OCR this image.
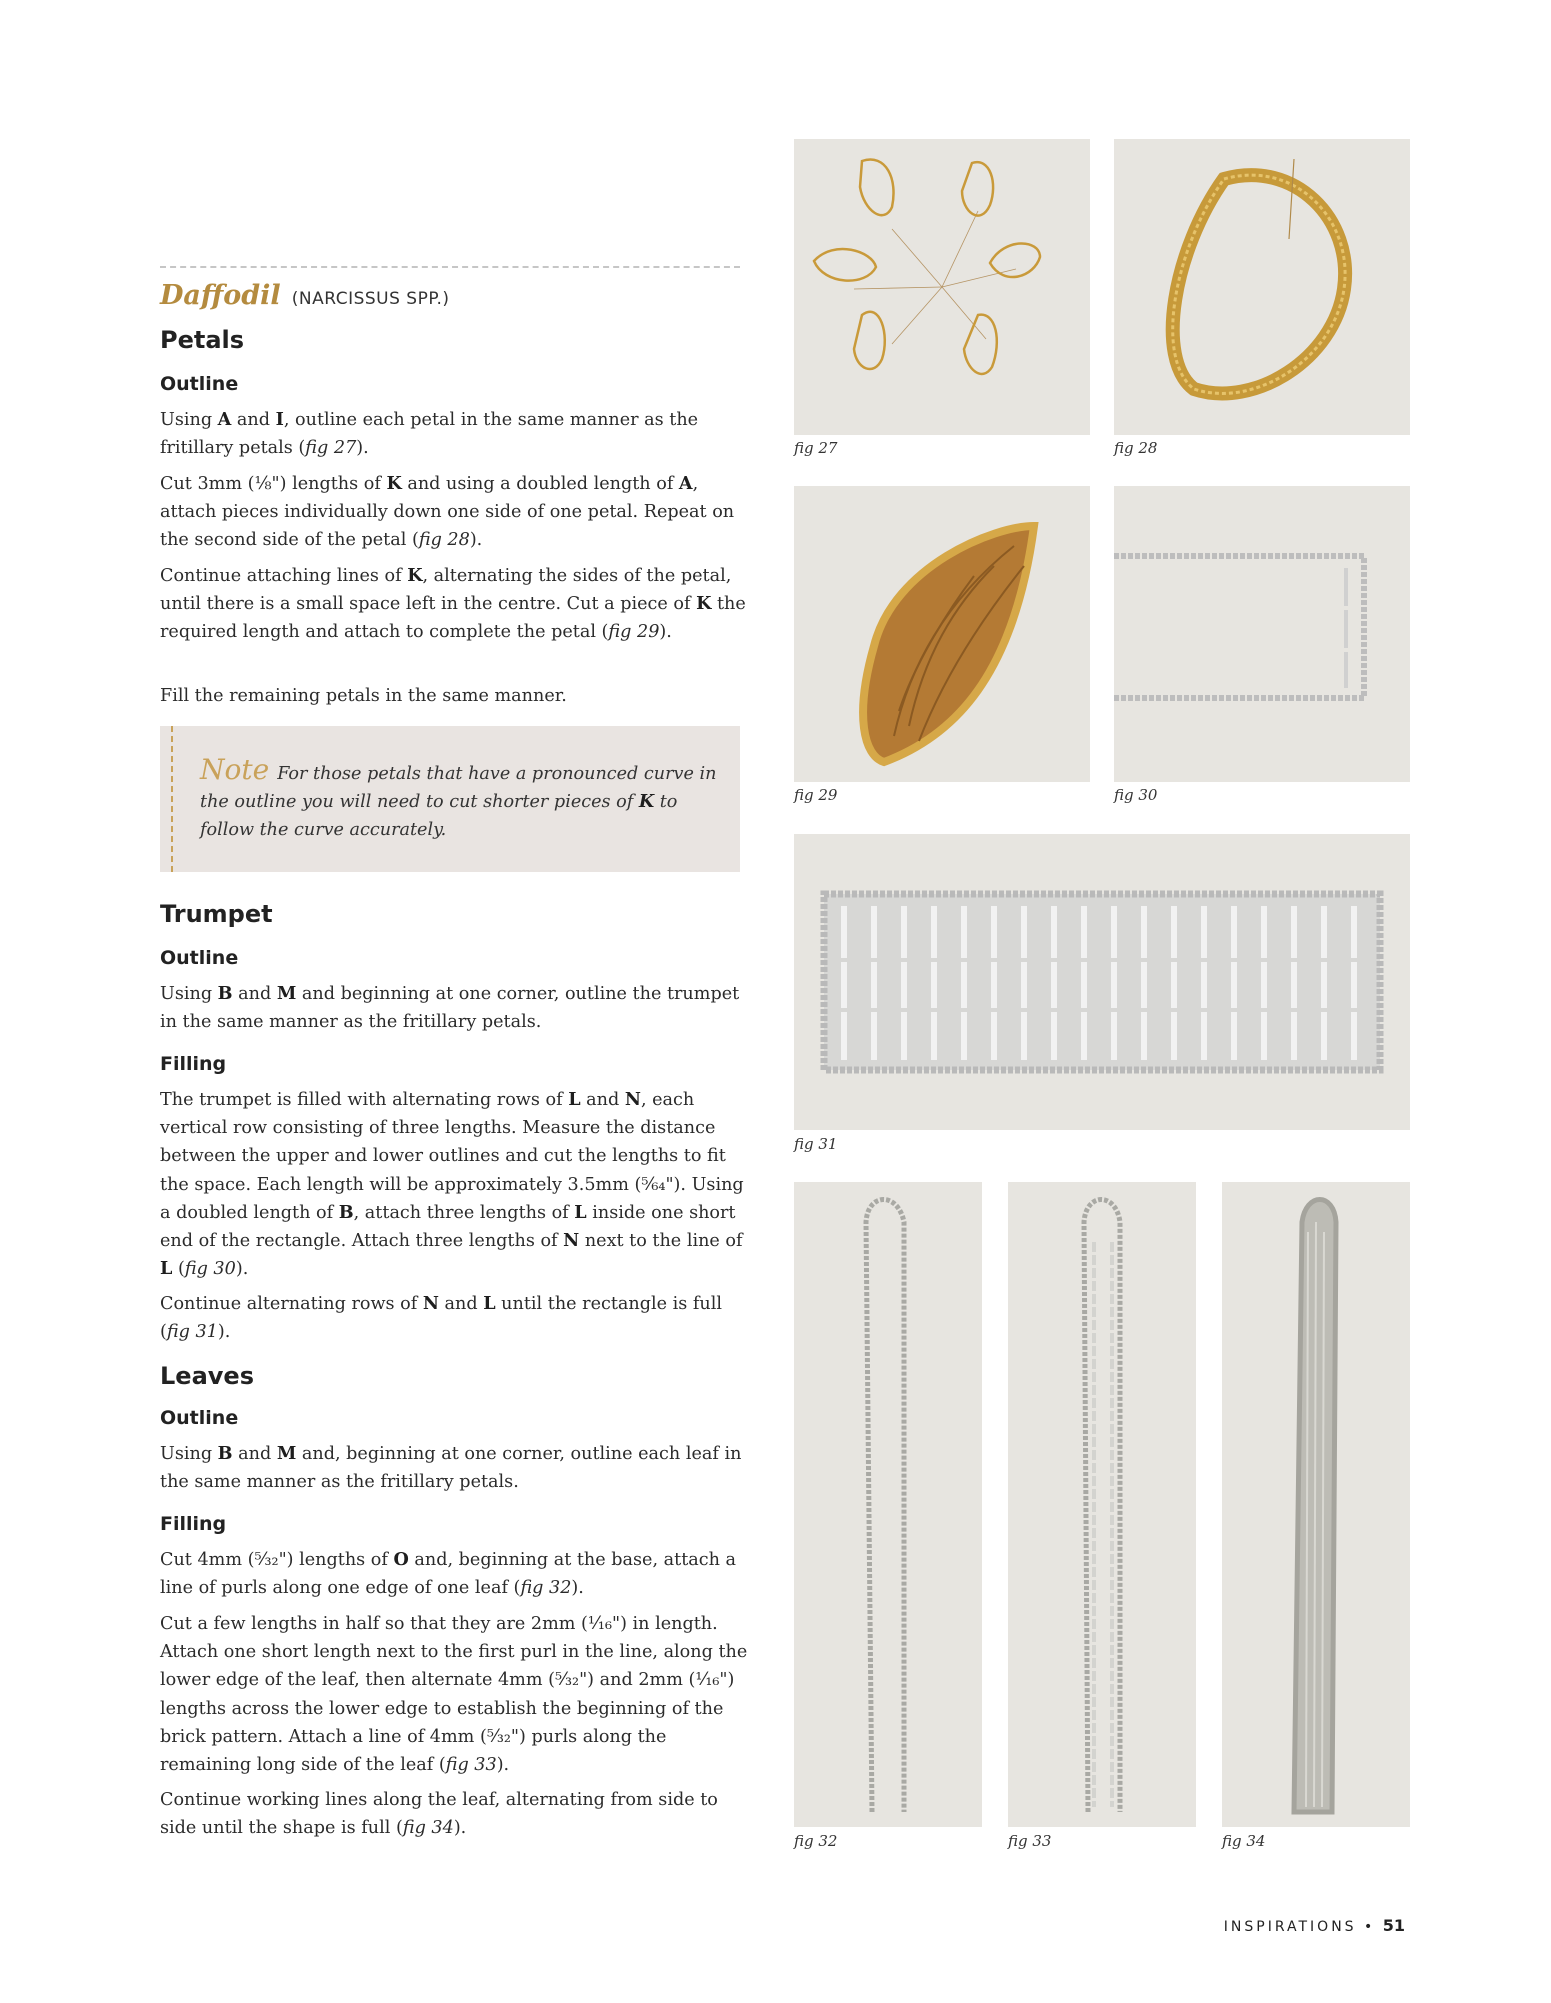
Daffodil (NARCISSUS SPP.)
Petals
Outline

Using A and I, outline each petal in the same manner as the fritillary petals (fig 27).

Cut 3mm (⅛") lengths of K and using a doubled length of A, attach pieces individually down one side of one petal. Repeat on the second side of the petal (fig 28).

Continue attaching lines of K, alternating the sides of the petal, until there is a small space left in the centre. Cut a piece of K the required length and attach to complete the petal (fig 29).

Fill the remaining petals in the same manner.

Note For those petals that have a pronounced curve in the outline you will need to cut shorter pieces of K to follow the curve accurately.
Trumpet
Outline

Using B and M and beginning at one corner, outline the trumpet in the same manner as the fritillary petals.

Filling

The trumpet is filled with alternating rows of L and N, each vertical row consisting of three lengths. Measure the distance between the upper and lower outlines and cut the lengths to fit the space. Each length will be approximately 3.5mm (⁵⁄₆₄"). Using a doubled length of B, attach three lengths of L inside one short end of the rectangle. Attach three lengths of N next to the line of L (fig 30).

Continue alternating rows of N and L until the rectangle is full (fig 31).

Leaves
Outline

Using B and M and, beginning at one corner, outline each leaf in the same manner as the fritillary petals.

Filling

Cut 4mm (⁵⁄₃₂") lengths of O and, beginning at the base, attach a line of purls along one edge of one leaf (fig 32).

Cut a few lengths in half so that they are 2mm (¹⁄₁₆") in length. Attach one short length next to the first purl in the line, along the lower edge of the leaf, then alternate 4mm (⁵⁄₃₂") and 2mm (¹⁄₁₆") lengths across the lower edge to establish the beginning of the brick pattern. Attach a line of 4mm (⁵⁄₃₂") purls along the remaining long side of the leaf (fig 33).

Continue working lines along the leaf, alternating from side to side until the shape is full (fig 34).

fig 27	fig 28
fig 29	fig 30
fig 31
fig 32	fig 33	fig 34
INSPIRATIONS • 51
